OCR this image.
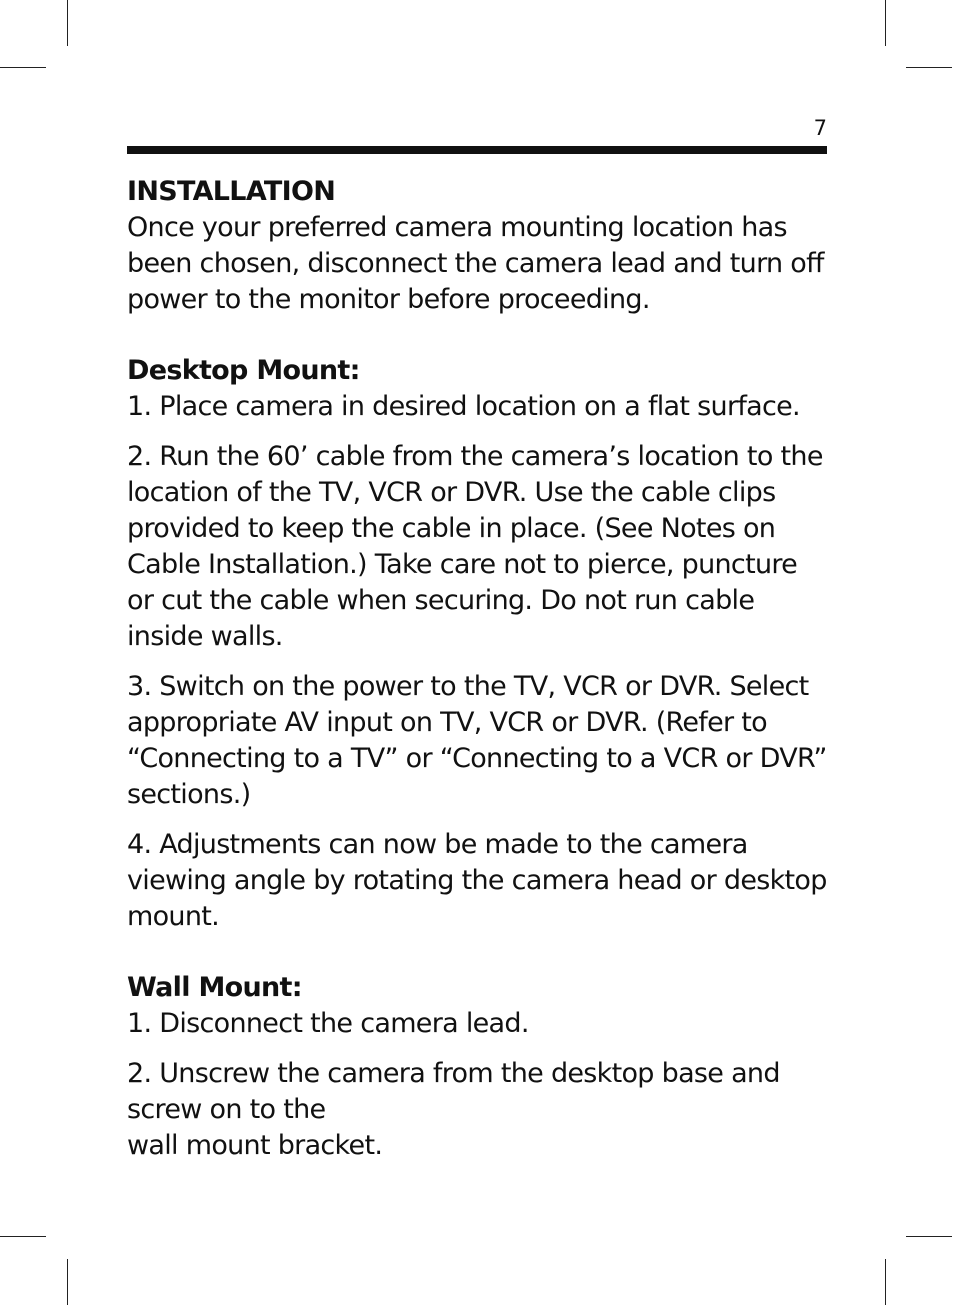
7

INSTALLATION

Once your preferred camera mounting location has been chosen, disconnect the camera lead and turn off power to the monitor before proceeding.

Desktop Mount:

1. Place camera in desired location on a flat surface.

2. Run the 60’ cable from the camera’s location to the location of the TV, VCR or DVR. Use the cable clips provided to keep the cable in place. (See Notes on Cable Installation.) Take care not to pierce, puncture or cut the cable when securing. Do not run cable inside walls.

3. Switch on the power to the TV, VCR or DVR. Select appropriate AV input on TV, VCR or DVR. (Refer to “Connecting to a TV” or “Connecting to a VCR or DVR” sections.)

4. Adjustments can now be made to the camera viewing angle by rotating the camera head or desktop mount.

Wall Mount:

1. Disconnect the camera lead.

2. Unscrew the camera from the desktop base and screw on to the

wall mount bracket.
